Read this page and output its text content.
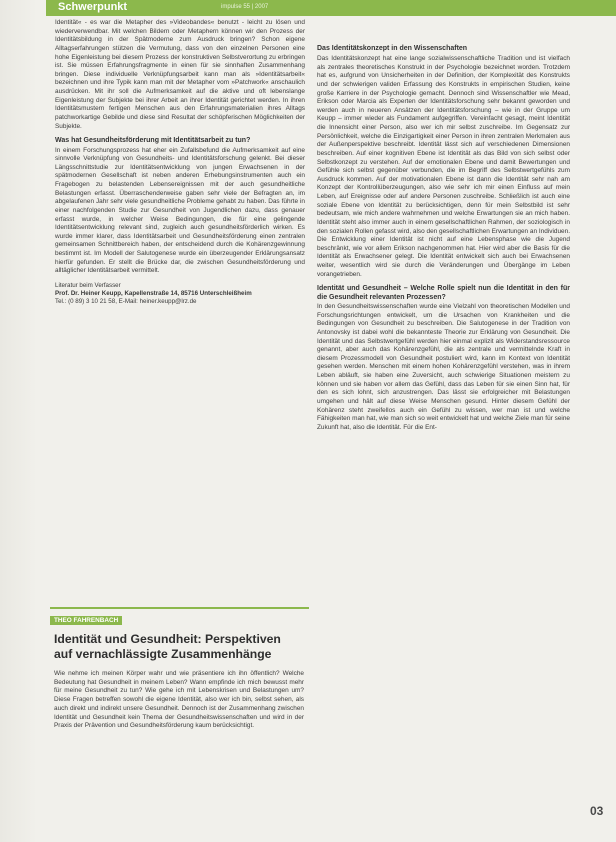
Schwerpunkt	impulse 55 | 2007

Identität« - es war die Metapher des »Videobandes« benutzt - leicht zu lösen und wiederverwendbar. Mit welchen Bildern oder Metaphern können wir den Prozess der Identitätsbildung in der Spätmoderne zum Ausdruck bringen? Schon eigene Alltagserfahrungen stützen die Vermutung, dass von den einzelnen Personen eine hohe Eigenleistung bei diesem Prozess der konstruktiven Selbstverortung zu erbringen ist. Sie müssen Erfahrungsfragmente in einen für sie sinnhaften Zusammenhang bringen. Diese individuelle Verknüpfungsarbeit kann man als »Identitätsarbeit« bezeichnen und ihre Typik kann man mit der Metapher vom »Patchwork« anschaulich ausdrücken. Mit ihr soll die Aufmerksamkeit auf die aktive und oft lebenslange Eigenleistung der Subjekte bei ihrer Arbeit an ihrer Identität gerichtet werden. In ihren Identitätsmustern fertigen Menschen aus den Erfahrungsmaterialien ihres Alltags patchworkartige Gebilde und diese sind Resultat der schöpferischen Möglichkeiten der Subjekte.

Was hat Gesundheitsförderung mit Identitätsarbeit zu tun?

In einem Forschungsprozess hat eher ein Zufallsbefund die Aufmerksamkeit auf eine sinnvolle Verknüpfung von Gesundheits- und Identitätsforschung gelenkt. Bei dieser Längsschnittstudie zur Identitätsentwicklung von jungen Erwachsenen in der spätmodernen Gesellschaft ist neben anderen Erhebungsinstrumenten auch ein Fragebogen zu belastenden Lebensereignissen mit der auch gesundheitliche Belastungen erfasst. Überraschenderweise gaben sehr viele der Befragten an, im abgelaufenen Jahr sehr viele gesundheitliche Probleme gehabt zu haben. Das führte in einer nachfolgenden Studie zur Gesundheit von Jugendlichen dazu, dass genauer erfasst wurde, in welcher Weise Bedingungen, die für eine gelingende Identitätsentwicklung relevant sind, zugleich auch gesundheitsförderlich wirken. Es wurde immer klarer, dass Identitätsarbeit und Gesundheitsförderung einen zentralen gemeinsamen Schnittbereich haben, der entscheidend durch die Kohärenzgewinnung bestimmt ist. Im Modell der Salutogenese wurde ein überzeugender Erklärungsansatz hierfür gefunden. Er stellt die Brücke dar, die zwischen Gesundheitsförderung und alltäglicher Identitätsarbeit vermittelt.

Literatur beim Verfasser
Prof. Dr. Heiner Keupp, Kapellenstraße 14, 85716 Unterschleißheim
Tel.: (0 89) 3 10 21 58, E-Mail: heiner.keupp@lrz.de
THEO FAHRENBACH
Identität und Gesundheit: Perspektiven
auf vernachlässigte Zusammenhänge
Wie nehme ich meinen Körper wahr und wie präsentiere ich ihn öffentlich? Welche Bedeutung hat Gesundheit in meinem Leben? Wann empfinde ich mich bewusst mehr für meine Gesundheit zu tun? Wie gehe ich mit Lebenskrisen und Belastungen um? Diese Fragen betreffen sowohl die eigene Identität, also wer ich bin, selbst sehen, als auch direkt und indirekt unsere Gesundheit. Dennoch ist der Zusammenhang zwischen Identität und Gesundheit kein Thema der Gesundheitswissenschaften und wird in der Praxis der Prävention und Gesundheitsförderung kaum berücksichtigt.
Das Identitätskonzept in den Wissenschaften

Das Identitätskonzept hat eine lange sozialwissenschaftliche Tradition und ist vielfach als zentrales theoretisches Konstrukt in der Psychologie bezeichnet worden. Trotzdem hat es, aufgrund von Unsicherheiten in der Definition, der Komplexität des Konstrukts und der schwierigen validen Erfassung des Konstrukts in empirischen Studien, keine große Karriere in der Psychologie gemacht. Dennoch sind Wissenschaftler wie Mead, Erikson oder Marcia als Experten der Identitätsforschung sehr bekannt geworden und werden auch in neueren Ansätzen der Identitätsforschung – wie in der Gruppe um Keupp – immer wieder als Fundament aufgegriffen. Vereinfacht gesagt, meint Identität die Innensicht einer Person, also wer ich mir selbst zuschreibe. Im Gegensatz zur Persönlichkeit, welche die Einzigartigkeit einer Person in ihren zentralen Merkmalen aus der Außenperspektive beschreibt. Identität lässt sich auf verschiedenen Dimensionen beschreiben. Auf einer kognitiven Ebene ist Identität als das Bild von sich selbst oder Selbstkonzept zu verstehen. Auf der emotionalen Ebene und damit Bewertungen und Gefühle sich selbst gegenüber verbunden, die im Begriff des Selbstwertgefühls zum Ausdruck kommen. Auf der motivationalen Ebene ist dann die Identität sehr nah am Konzept der Kontrollüberzeugungen, also wie sehr ich mir einen Einfluss auf mein Leben, auf Ereignisse oder auf andere Personen zuschreibe. Schließlich ist auch eine soziale Ebene von Identität zu berücksichtigen, denn für mein Selbstbild ist sehr bedeutsam, wie mich andere wahrnehmen und welche Erwartungen sie an mich haben. Identität steht also immer auch in einem gesellschaftlichen Rahmen, der soziologisch in den sozialen Rollen gefasst wird, also den gesellschaftlichen Erwartungen an Individuen. Die Entwicklung einer Identität ist nicht auf eine Lebensphase wie die Jugend beschränkt, wie vor allem Erikson nachgenommen hat. Hier wird aber die Basis für die Identität als Erwachsener gelegt. Die Identität entwickelt sich auch bei Erwachsenen weiter, wesentlich wird sie durch die Veränderungen und Übergänge im Leben vorangetrieben.

Identität und Gesundheit – Welche Rolle spielt nun die Identität in den für die Gesundheit relevanten Prozessen?

In den Gesundheitswissenschaften wurde eine Vielzahl von theoretischen Modellen und Forschungsrichtungen entwickelt, um die Ursachen von Krankheiten und die Bedingungen von Gesundheit zu beschreiben. Die Salutogenese in der Tradition von Antonovsky ist dabei wohl die bekannteste Theorie zur Erklärung von Gesundheit. Die Identität und das Selbstwertgefühl werden hier einmal explizit als Widerstandsressource genannt, aber auch das Kohärenzgefühl, die als zentrale und vermittelnde Kraft in diesem Prozessmodell von Gesundheit postuliert wird, kann im Kontext von Identität gesehen werden. Menschen mit einem hohen Kohärenzgefühl verstehen, was in ihrem Leben abläuft, sie haben eine Zuversicht, auch schwierige Situationen meistern zu können und sie haben vor allem das Gefühl, dass das Leben für sie einen Sinn hat, für den es sich lohnt, sich anzustrengen. Das lässt sie erfolgreicher mit Belastungen umgehen und hält auf diese Weise Menschen gesund. Hinter diesem Gefühl der Kohärenz steht zweifellos auch ein Gefühl zu wissen, wer man ist und welche Fähigkeiten man hat, wie man sich so weit entwickelt hat und welche Ziele man für seine Zukunft hat, also die Identität. Für die Ent-

03
